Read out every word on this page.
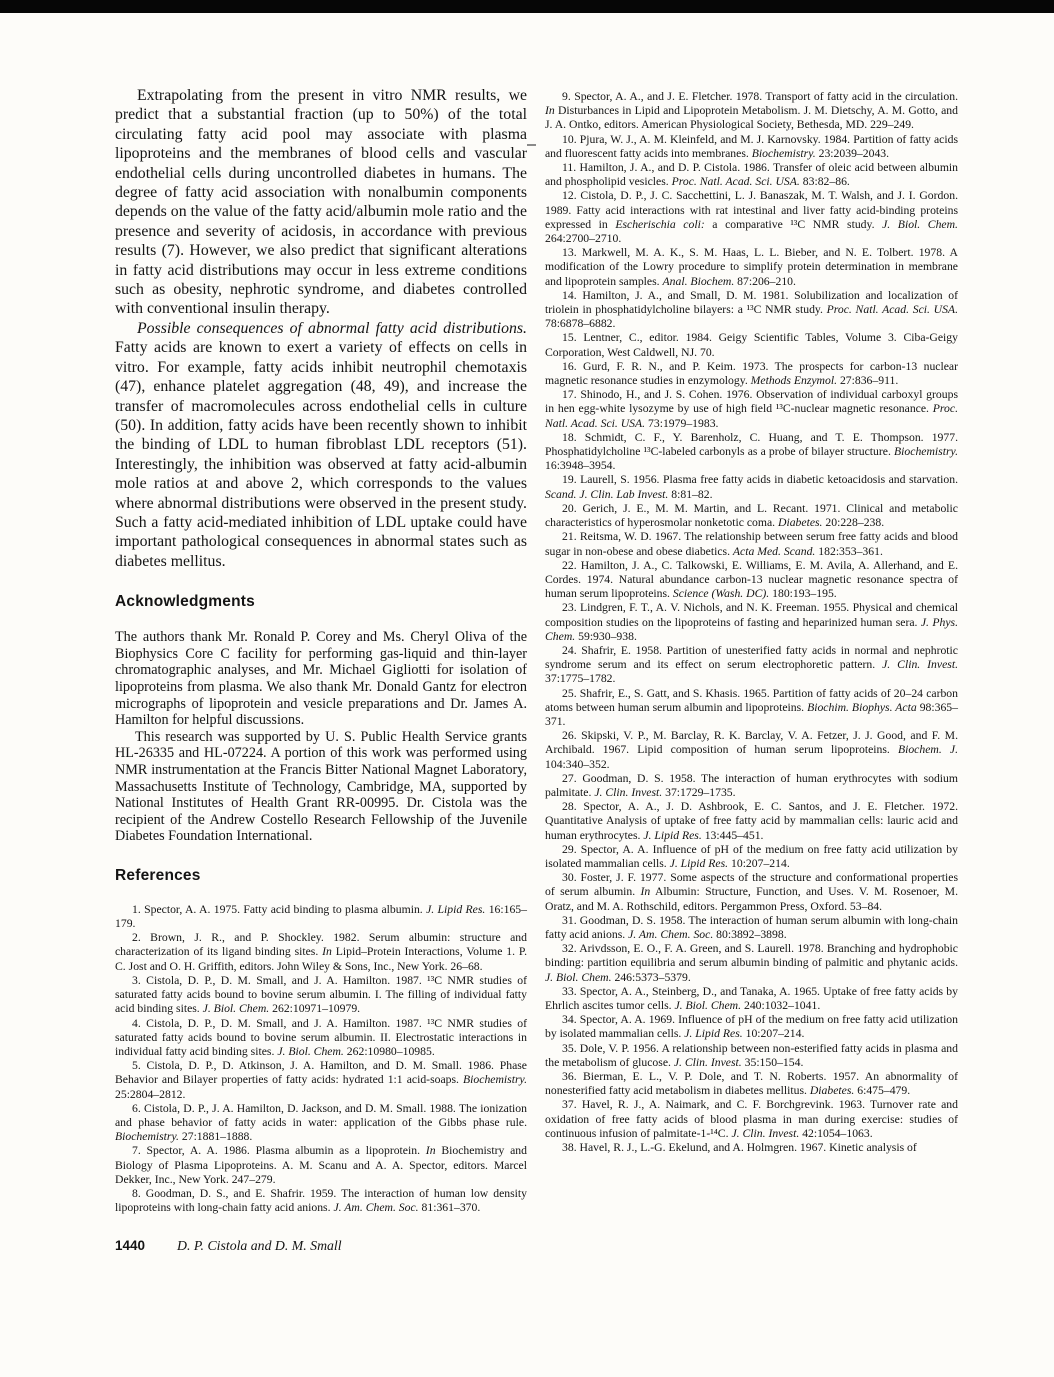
Extrapolating from the present in vitro NMR results, we predict that a substantial fraction (up to 50%) of the total circulating fatty acid pool may associate with plasma lipoproteins and the membranes of blood cells and vascular endothelial cells during uncontrolled diabetes in humans. The degree of fatty acid association with nonalbumin components depends on the value of the fatty acid/albumin mole ratio and the presence and severity of acidosis, in accordance with previous results (7). However, we also predict that significant alterations in fatty acid distributions may occur in less extreme conditions such as obesity, nephrotic syndrome, and diabetes controlled with conventional insulin therapy.

Possible consequences of abnormal fatty acid distributions. Fatty acids are known to exert a variety of effects on cells in vitro. For example, fatty acids inhibit neutrophil chemotaxis (47), enhance platelet aggregation (48, 49), and increase the transfer of macromolecules across endothelial cells in culture (50). In addition, fatty acids have been recently shown to inhibit the binding of LDL to human fibroblast LDL receptors (51). Interestingly, the inhibition was observed at fatty acid-albumin mole ratios at and above 2, which corresponds to the values where abnormal distributions were observed in the present study. Such a fatty acid-mediated inhibition of LDL uptake could have important pathological consequences in abnormal states such as diabetes mellitus.

Acknowledgments

The authors thank Mr. Ronald P. Corey and Ms. Cheryl Oliva of the Biophysics Core C facility for performing gas-liquid and thin-layer chromatographic analyses, and Mr. Michael Gigliotti for isolation of lipoproteins from plasma. We also thank Mr. Donald Gantz for electron micrographs of lipoprotein and vesicle preparations and Dr. James A. Hamilton for helpful discussions.

This research was supported by U. S. Public Health Service grants HL-26335 and HL-07224. A portion of this work was performed using NMR instrumentation at the Francis Bitter National Magnet Laboratory, Massachusetts Institute of Technology, Cambridge, MA, supported by National Institutes of Health Grant RR-00995. Dr. Cistola was the recipient of the Andrew Costello Research Fellowship of the Juvenile Diabetes Foundation International.

References

1. Spector, A. A. 1975. Fatty acid binding to plasma albumin. J. Lipid Res. 16:165–179.

2. Brown, J. R., and P. Shockley. 1982. Serum albumin: structure and characterization of its ligand binding sites. In Lipid–Protein Interactions, Volume 1. P. C. Jost and O. H. Griffith, editors. John Wiley & Sons, Inc., New York. 26–68.

3. Cistola, D. P., D. M. Small, and J. A. Hamilton. 1987. ¹³C NMR studies of saturated fatty acids bound to bovine serum albumin. I. The filling of individual fatty acid binding sites. J. Biol. Chem. 262:10971–10979.

4. Cistola, D. P., D. M. Small, and J. A. Hamilton. 1987. ¹³C NMR studies of saturated fatty acids bound to bovine serum albumin. II. Electrostatic interactions in individual fatty acid binding sites. J. Biol. Chem. 262:10980–10985.

5. Cistola, D. P., D. Atkinson, J. A. Hamilton, and D. M. Small. 1986. Phase Behavior and Bilayer properties of fatty acids: hydrated 1:1 acid-soaps. Biochemistry. 25:2804–2812.

6. Cistola, D. P., J. A. Hamilton, D. Jackson, and D. M. Small. 1988. The ionization and phase behavior of fatty acids in water: application of the Gibbs phase rule. Biochemistry. 27:1881–1888.

7. Spector, A. A. 1986. Plasma albumin as a lipoprotein. In Biochemistry and Biology of Plasma Lipoproteins. A. M. Scanu and A. A. Spector, editors. Marcel Dekker, Inc., New York. 247–279.

8. Goodman, D. S., and E. Shafrir. 1959. The interaction of human low density lipoproteins with long-chain fatty acid anions. J. Am. Chem. Soc. 81:361–370.

9. Spector, A. A., and J. E. Fletcher. 1978. Transport of fatty acid in the circulation. In Disturbances in Lipid and Lipoprotein Metabolism. J. M. Dietschy, A. M. Gotto, and J. A. Ontko, editors. American Physiological Society, Bethesda, MD. 229–249.

10. Pjura, W. J., A. M. Kleinfeld, and M. J. Karnovsky. 1984. Partition of fatty acids and fluorescent fatty acids into membranes. Biochemistry. 23:2039–2043.

11. Hamilton, J. A., and D. P. Cistola. 1986. Transfer of oleic acid between albumin and phospholipid vesicles. Proc. Natl. Acad. Sci. USA. 83:82–86.

12. Cistola, D. P., J. C. Sacchettini, L. J. Banaszak, M. T. Walsh, and J. I. Gordon. 1989. Fatty acid interactions with rat intestinal and liver fatty acid-binding proteins expressed in Escherischia coli: a comparative ¹³C NMR study. J. Biol. Chem. 264:2700–2710.

13. Markwell, M. A. K., S. M. Haas, L. L. Bieber, and N. E. Tolbert. 1978. A modification of the Lowry procedure to simplify protein determination in membrane and lipoprotein samples. Anal. Biochem. 87:206–210.

14. Hamilton, J. A., and Small, D. M. 1981. Solubilization and localization of triolein in phosphatidylcholine bilayers: a ¹³C NMR study. Proc. Natl. Acad. Sci. USA. 78:6878–6882.

15. Lentner, C., editor. 1984. Geigy Scientific Tables, Volume 3. Ciba-Geigy Corporation, West Caldwell, NJ. 70.

16. Gurd, F. R. N., and P. Keim. 1973. The prospects for carbon-13 nuclear magnetic resonance studies in enzymology. Methods Enzymol. 27:836–911.

17. Shinodo, H., and J. S. Cohen. 1976. Observation of individual carboxyl groups in hen egg-white lysozyme by use of high field ¹³C-nuclear magnetic resonance. Proc. Natl. Acad. Sci. USA. 73:1979–1983.

18. Schmidt, C. F., Y. Barenholz, C. Huang, and T. E. Thompson. 1977. Phosphatidylcholine ¹³C-labeled carbonyls as a probe of bilayer structure. Biochemistry. 16:3948–3954.

19. Laurell, S. 1956. Plasma free fatty acids in diabetic ketoacidosis and starvation. Scand. J. Clin. Lab Invest. 8:81–82.

20. Gerich, J. E., M. M. Martin, and L. Recant. 1971. Clinical and metabolic characteristics of hyperosmolar nonketotic coma. Diabetes. 20:228–238.

21. Reitsma, W. D. 1967. The relationship between serum free fatty acids and blood sugar in non-obese and obese diabetics. Acta Med. Scand. 182:353–361.

22. Hamilton, J. A., C. Talkowski, E. Williams, E. M. Avila, A. Allerhand, and E. Cordes. 1974. Natural abundance carbon-13 nuclear magnetic resonance spectra of human serum lipoproteins. Science (Wash. DC). 180:193–195.

23. Lindgren, F. T., A. V. Nichols, and N. K. Freeman. 1955. Physical and chemical composition studies on the lipoproteins of fasting and heparinized human sera. J. Phys. Chem. 59:930–938.

24. Shafrir, E. 1958. Partition of unesterified fatty acids in normal and nephrotic syndrome serum and its effect on serum electrophoretic pattern. J. Clin. Invest. 37:1775–1782.

25. Shafrir, E., S. Gatt, and S. Khasis. 1965. Partition of fatty acids of 20–24 carbon atoms between human serum albumin and lipoproteins. Biochim. Biophys. Acta 98:365–371.

26. Skipski, V. P., M. Barclay, R. K. Barclay, V. A. Fetzer, J. J. Good, and F. M. Archibald. 1967. Lipid composition of human serum lipoproteins. Biochem. J. 104:340–352.

27. Goodman, D. S. 1958. The interaction of human erythrocytes with sodium palmitate. J. Clin. Invest. 37:1729–1735.

28. Spector, A. A., J. D. Ashbrook, E. C. Santos, and J. E. Fletcher. 1972. Quantitative Analysis of uptake of free fatty acid by mammalian cells: lauric acid and human erythrocytes. J. Lipid Res. 13:445–451.

29. Spector, A. A. Influence of pH of the medium on free fatty acid utilization by isolated mammalian cells. J. Lipid Res. 10:207–214.

30. Foster, J. F. 1977. Some aspects of the structure and conformational properties of serum albumin. In Albumin: Structure, Function, and Uses. V. M. Rosenoer, M. Oratz, and M. A. Rothschild, editors. Pergammon Press, Oxford. 53–84.

31. Goodman, D. S. 1958. The interaction of human serum albumin with long-chain fatty acid anions. J. Am. Chem. Soc. 80:3892–3898.

32. Arivdsson, E. O., F. A. Green, and S. Laurell. 1978. Branching and hydrophobic binding: partition equilibria and serum albumin binding of palmitic and phytanic acids. J. Biol. Chem. 246:5373–5379.

33. Spector, A. A., Steinberg, D., and Tanaka, A. 1965. Uptake of free fatty acids by Ehrlich ascites tumor cells. J. Biol. Chem. 240:1032–1041.

34. Spector, A. A. 1969. Influence of pH of the medium on free fatty acid utilization by isolated mammalian cells. J. Lipid Res. 10:207–214.

35. Dole, V. P. 1956. A relationship between non-esterified fatty acids in plasma and the metabolism of glucose. J. Clin. Invest. 35:150–154.

36. Bierman, E. L., V. P. Dole, and T. N. Roberts. 1957. An abnormality of nonesterified fatty acid metabolism in diabetes mellitus. Diabetes. 6:475–479.

37. Havel, R. J., A. Naimark, and C. F. Borchgrevink. 1963. Turnover rate and oxidation of free fatty acids of blood plasma in man during exercise: studies of continuous infusion of palmitate-1-¹⁴C. J. Clin. Invest. 42:1054–1063.

38. Havel, R. J., L.-G. Ekelund, and A. Holmgren. 1967. Kinetic analysis of

1440 D. P. Cistola and D. M. Small
